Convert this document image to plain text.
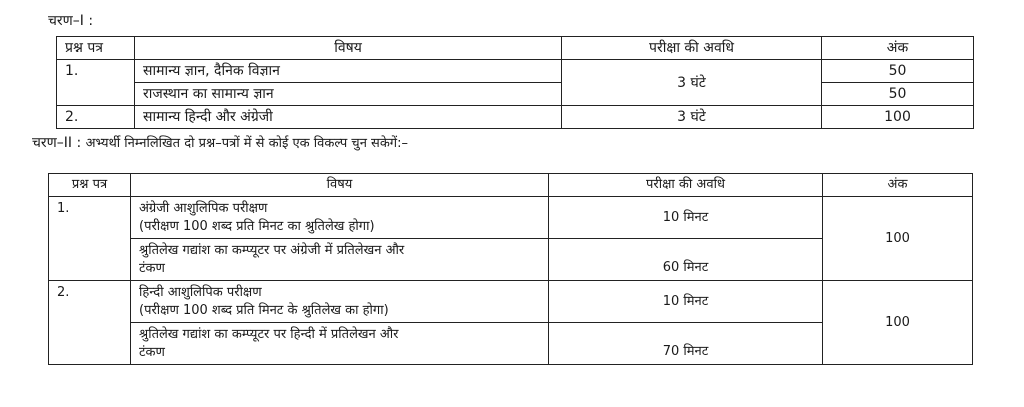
चरण–I :
प्रश्न पत्र	विषय	परीक्षा की अवधि	अंक
1.	सामान्य ज्ञान, दैनिक विज्ञान	3 घंटे	50
	राजस्थान का सामान्य ज्ञान		50
2.	सामान्य हिन्दी और अंग्रेजी	3 घंटे	100
चरण–II : अभ्यर्थी निम्नलिखित दो प्रश्न–पत्रों में से कोई एक विकल्प चुन सकेगें:–
प्रश्न पत्र	विषय	परीक्षा की अवधि	अंक
1.	अंग्रेजी आशुलिपिक परीक्षण
(परीक्षण 100 शब्द प्रति मिनट का श्रुतिलेख होगा)	10 मिनट	100

	श्रुतिलेख गद्यांश का कम्प्यूटर पर अंग्रेजी में प्रतिलेखन और
टंकण	60 मिनट	
2.	हिन्दी आशुलिपिक परीक्षण
(परीक्षण 100 शब्द प्रति मिनट के श्रुतिलेख का होगा)	10 मिनट	100

	श्रुतिलेख गद्यांश का कम्प्यूटर पर हिन्दी में प्रतिलेखन और
टंकण	70 मिनट	
